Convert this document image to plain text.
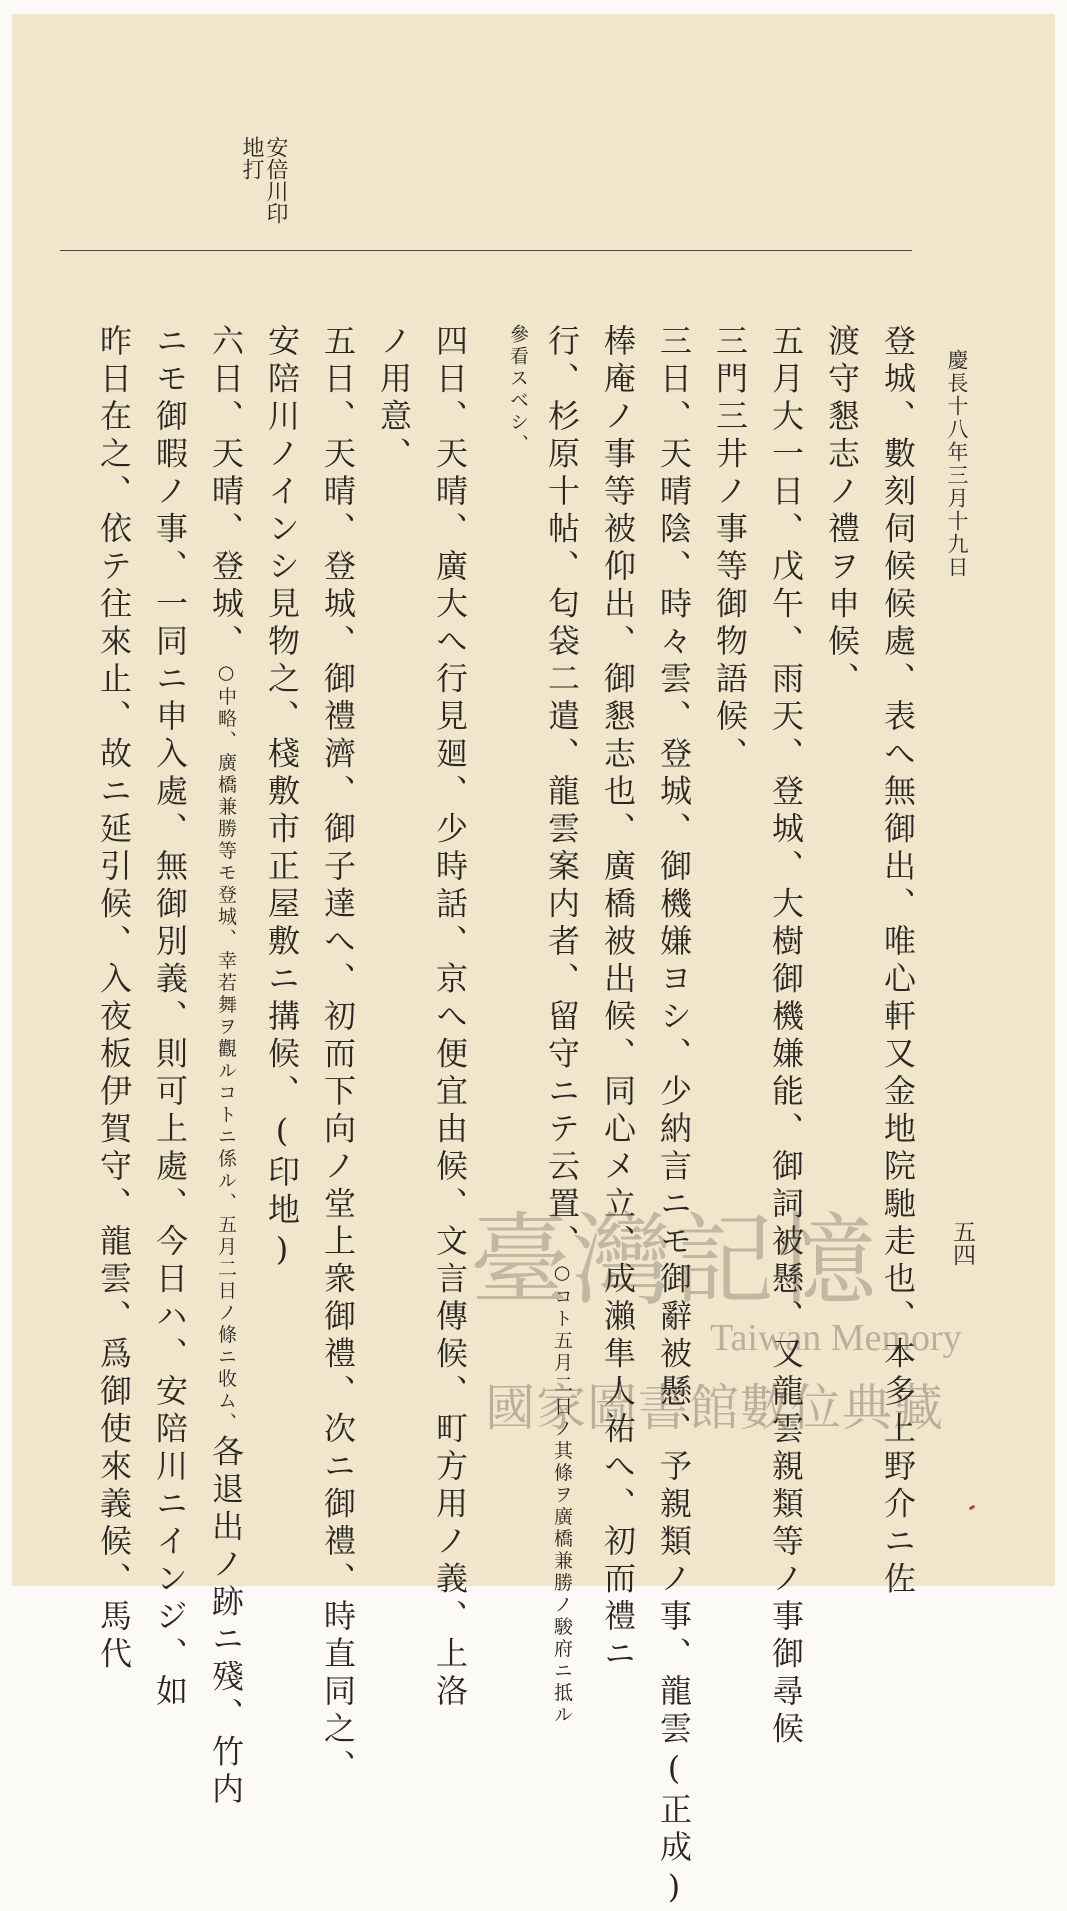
慶長十八年三月十九日
五四
安倍川印
地打
登城、數刻伺候候處、表へ無御出、唯心軒又金地院馳走也、本多上野介ニ佐
渡守懇志ノ禮ヲ申候、
五月大一日、戊午、雨天、登城、大樹御機嫌能、御詞被懸、又龍雲親類等ノ事御尋候
三門三井ノ事等御物語候、
三日、天晴陰、時々雲、登城、御機嫌ヨシ、少納言ニモ御辭被懸、予親類ノ事、龍雲(正成)
棒庵ノ事等被仰出、御懇志也、廣橋被出候、同心メ立、成瀨隼人祐へ、初而禮ニ
行、杉原十帖、匂袋二遣、龍雲案内者、留守ニテ云置、○コト五月二日ノ其條ヲ廣橋兼勝ノ駿府ニ抵ル
參看スベシ、
四日、天晴、廣大へ行見廻、少時話、京へ便宜由候、文言傳候、町方用ノ義、上洛
ノ用意、
五日、天晴、登城、御禮濟、御子達へ、初而下向ノ堂上衆御禮、次ニ御禮、時直同之、
安陪川ノインシ見物之、棧敷市正屋敷ニ搆候、(印地)
六日、天晴、登城、○中略、廣橋兼勝等モ登城、幸若舞ヲ觀ルコトニ係ル、五月二日ノ條ニ收ム、各退出ノ跡ニ殘、竹内
ニモ御暇ノ事、一同ニ申入處、無御別義、則可上處、今日ハ、安陪川ニインジ、如
昨日在之、依テ往來止、故ニ延引候、入夜板伊賀守、龍雲、爲御使來義候、馬代	臺灣記憶
Taiwan Memory
國家圖書館數位典藏
